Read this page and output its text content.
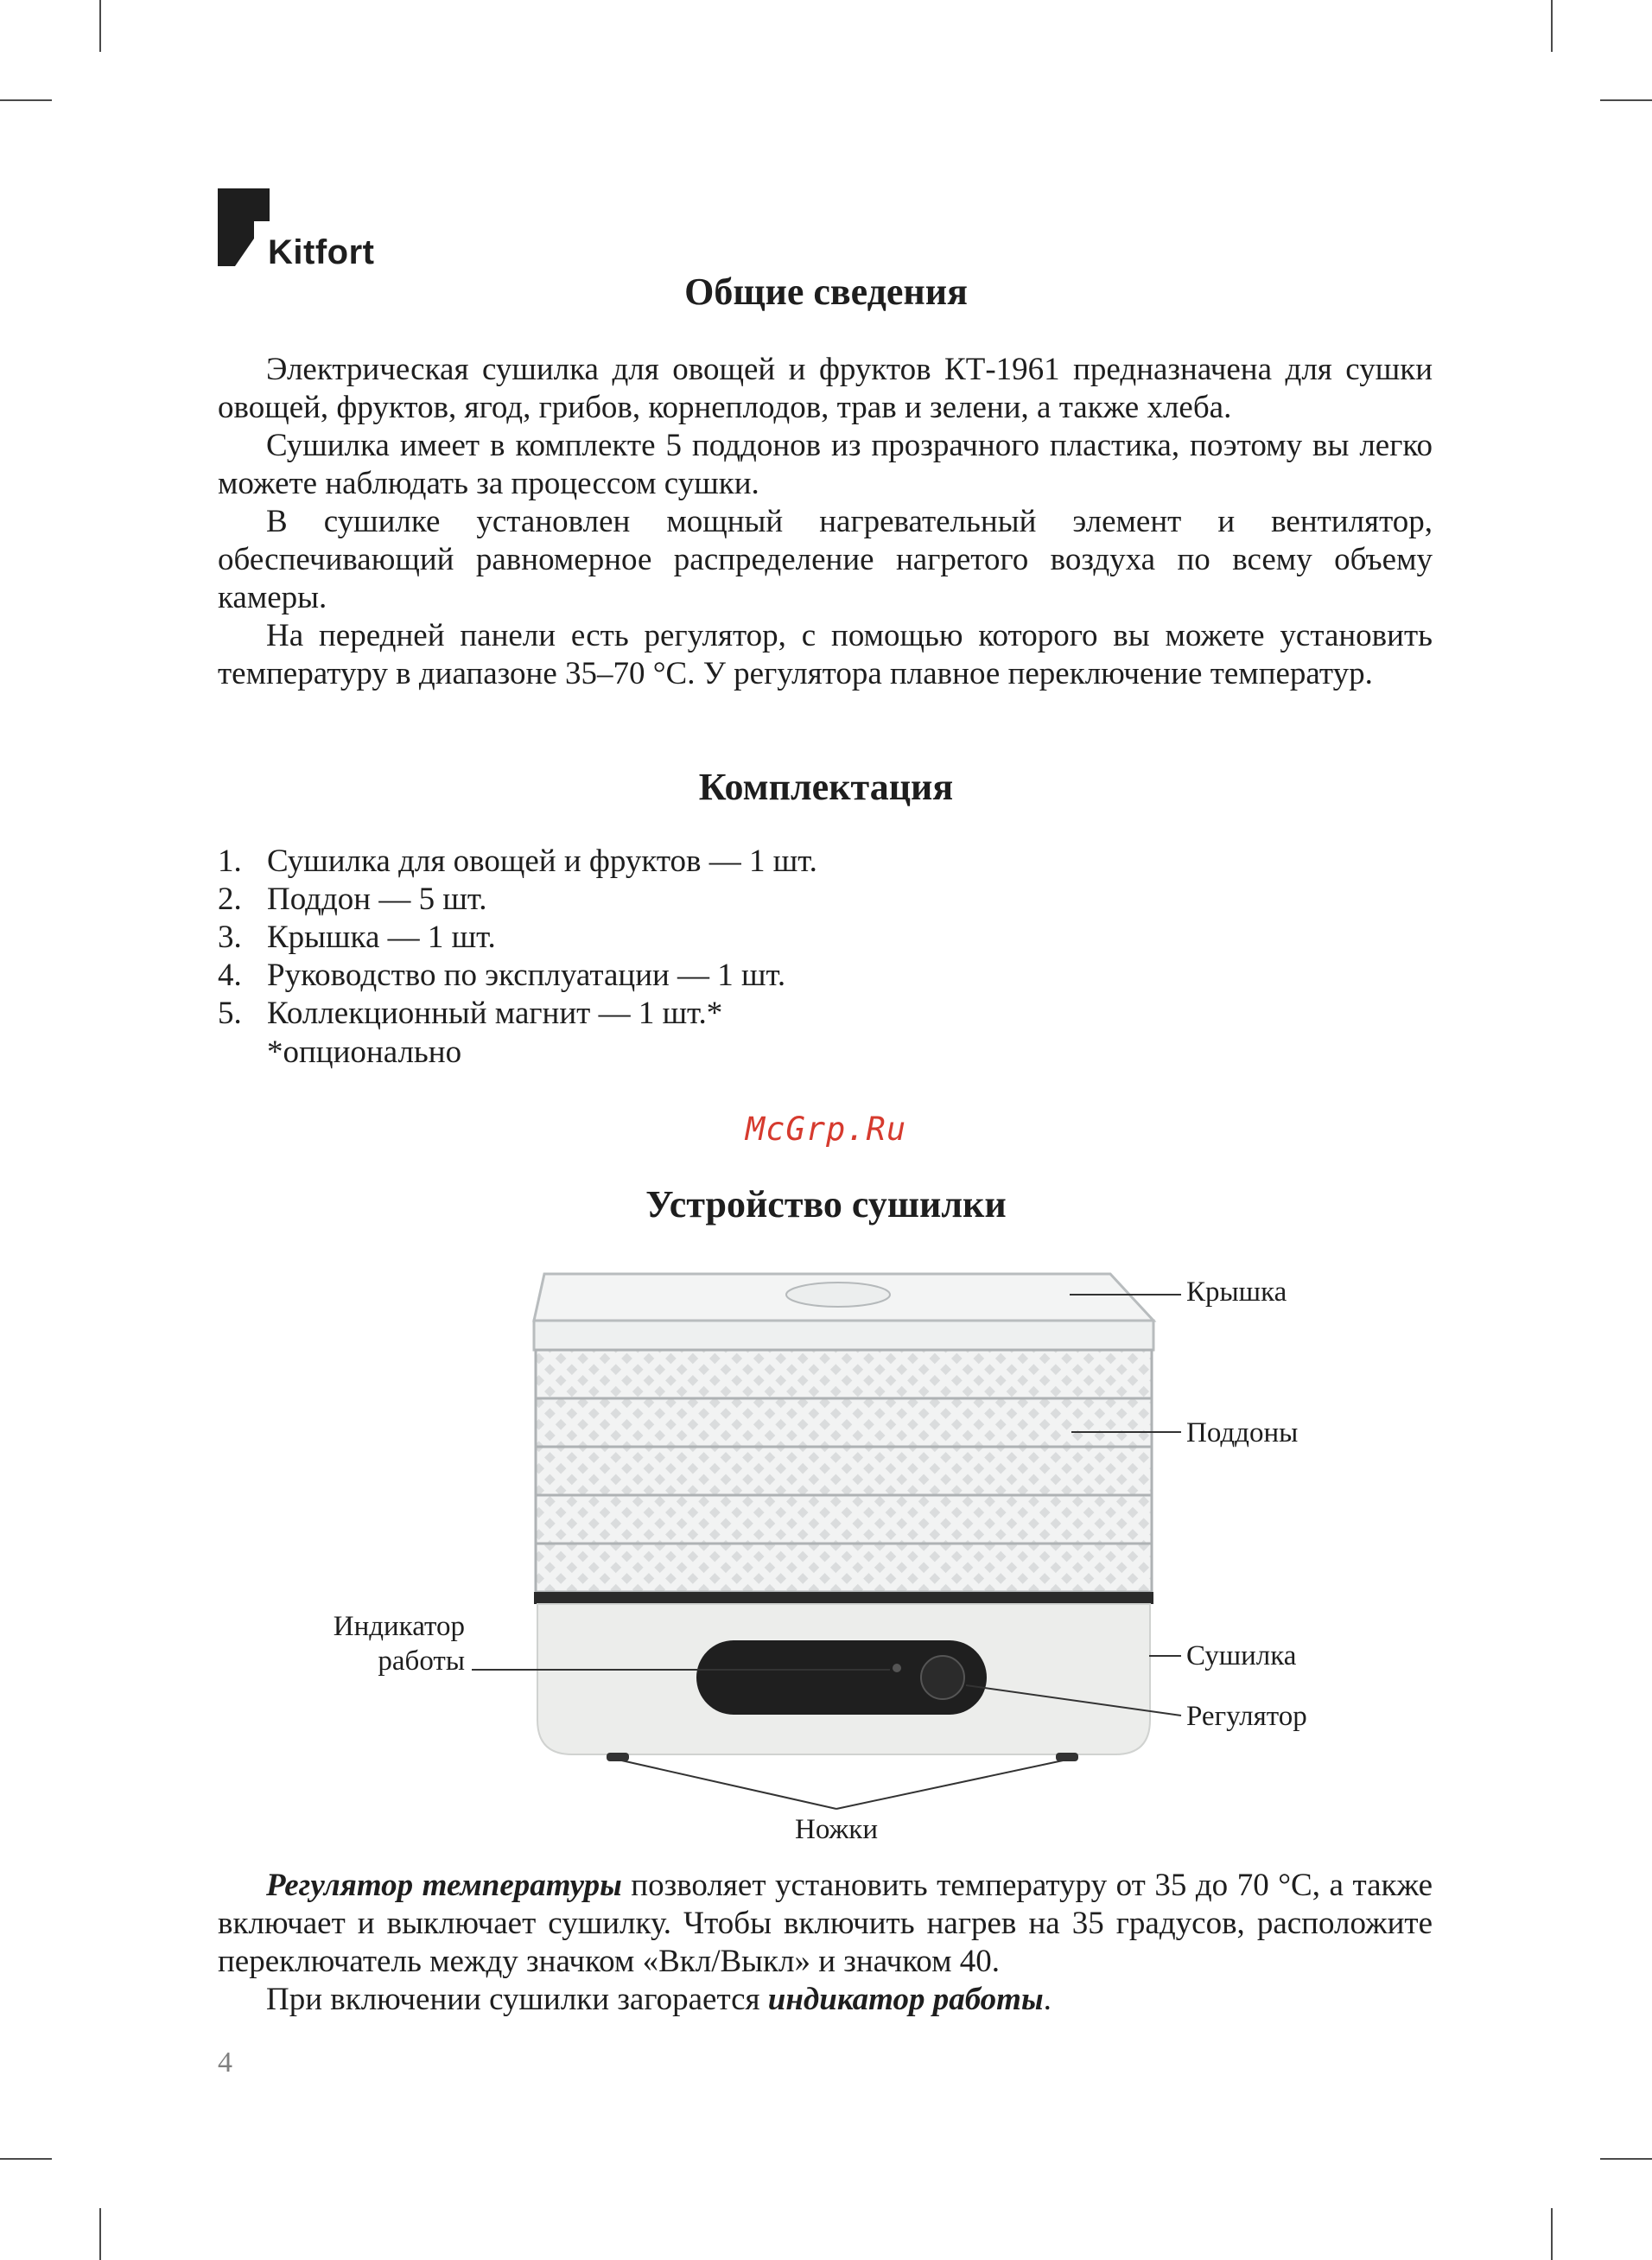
Kitfort
Общие сведения

Электрическая сушилка для овощей и фруктов КТ-1961 предназначена для сушки овощей, фруктов, ягод, грибов, корнеплодов, трав и зелени, а также хлеба.

Сушилка имеет в комплекте 5 поддонов из прозрачного пластика, поэтому вы легко можете наблюдать за процессом сушки.

В сушилке установлен мощный нагревательный элемент и вентилятор, обеспечивающий равномерное распределение нагретого воздуха по всему объему камеры.

На передней панели есть регулятор, с помощью которого вы можете установить температуру в диапазоне 35–70 °С. У регулятора плавное переключение температур.

Комплектация
1. Сушилка для овощей и фруктов — 1 шт.
2. Поддон — 5 шт.
3. Крышка — 1 шт.
4. Руководство по эксплуатации — 1 шт.
5. Коллекционный магнит — 1 шт.*
*опционально
McGrp.Ru
Устройство сушилки
Крышка
Поддоны
Индикатор
работы	Сушилка
Регулятор
Ножки

Регулятор температуры позволяет установить температуру от 35 до 70 °С, а также включает и выключает сушилку. Чтобы включить нагрев на 35 градусов, расположите переключатель между значком «Вкл/Выкл» и значком 40.

При включении сушилки загорается индикатор работы.

4
